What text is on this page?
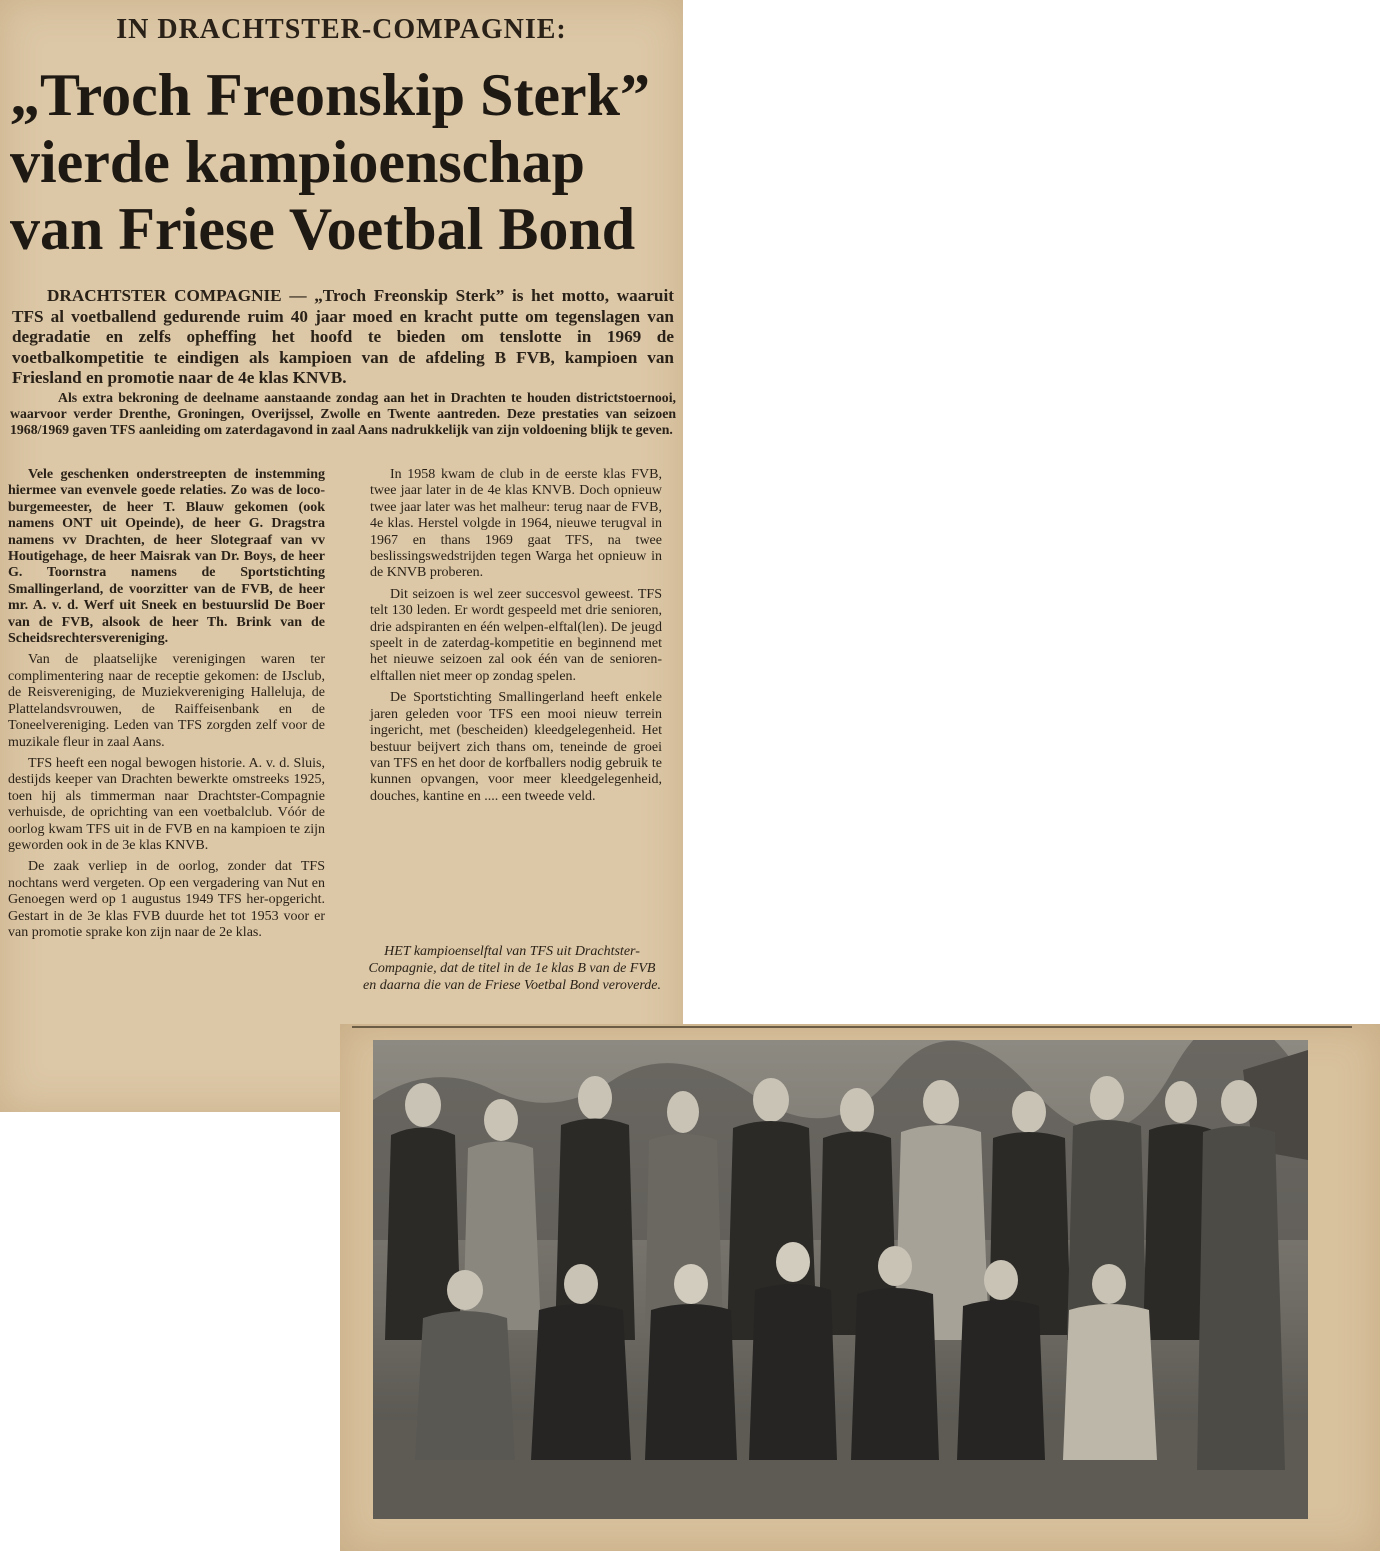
IN DRACHTSTER-COMPAGNIE:
„Troch Freonskip Sterk”
vierde kampioenschap
van Friese Voetbal Bond

DRACHTSTER COMPAGNIE — „Troch Freonskip Sterk” is het motto, waaruit TFS al voetballend gedurende ruim 40 jaar moed en kracht putte om tegenslagen van degradatie en zelfs opheffing het hoofd te bieden om tenslotte in 1969 de voetbalkompetitie te eindigen als kampioen van de afdeling B FVB, kampioen van Friesland en promotie naar de 4e klas KNVB.

Als extra bekroning de deelname aanstaande zondag aan het in Drachten te houden districtstoernooi, waarvoor verder Drenthe, Groningen, Overijssel, Zwolle en Twente aantreden. Deze prestaties van seizoen 1968/1969 gaven TFS aanleiding om zaterdagavond in zaal Aans nadrukkelijk van zijn voldoening blijk te geven.

Vele geschenken onderstreepten de instemming hiermee van evenvele goede relaties. Zo was de loco-burgemeester, de heer T. Blauw gekomen (ook namens ONT uit Opeinde), de heer G. Dragstra namens vv Drachten, de heer Slotegraaf van vv Houtigehage, de heer Maisrak van Dr. Boys, de heer G. Toornstra namens de Sportstichting Smallingerland, de voorzitter van de FVB, de heer mr. A. v. d. Werf uit Sneek en bestuurslid De Boer van de FVB, alsook de heer Th. Brink van de Scheidsrechtersvereniging.

Van de plaatselijke verenigingen waren ter complimentering naar de receptie gekomen: de IJsclub, de Reisvereniging, de Muziekvereniging Halleluja, de Plattelandsvrouwen, de Raiffeisenbank en de Toneelvereniging. Leden van TFS zorgden zelf voor de muzikale fleur in zaal Aans.

TFS heeft een nogal bewogen historie. A. v. d. Sluis, destijds keeper van Drachten bewerkte omstreeks 1925, toen hij als timmerman naar Drachtster-Compagnie verhuisde, de oprichting van een voetbalclub. Vóór de oorlog kwam TFS uit in de FVB en na kampioen te zijn geworden ook in de 3e klas KNVB.

De zaak verliep in de oorlog, zonder dat TFS nochtans werd vergeten. Op een vergadering van Nut en Genoegen werd op 1 augustus 1949 TFS her-opgericht. Gestart in de 3e klas FVB duurde het tot 1953 voor er van promotie sprake kon zijn naar de 2e klas.

In 1958 kwam de club in de eerste klas FVB, twee jaar later in de 4e klas KNVB. Doch opnieuw twee jaar later was het malheur: terug naar de FVB, 4e klas. Herstel volgde in 1964, nieuwe terugval in 1967 en thans 1969 gaat TFS, na twee beslissingswedstrijden tegen Warga het opnieuw in de KNVB proberen.

Dit seizoen is wel zeer succesvol geweest. TFS telt 130 leden. Er wordt gespeeld met drie senioren, drie adspiranten en één welpen-elftal(len). De jeugd speelt in de zaterdag-kompetitie en beginnend met het nieuwe seizoen zal ook één van de senioren-elftallen niet meer op zondag spelen.

De Sportstichting Smallingerland heeft enkele jaren geleden voor TFS een mooi nieuw terrein ingericht, met (bescheiden) kleedgelegenheid. Het bestuur beijvert zich thans om, teneinde de groei van TFS en het door de korfballers nodig gebruik te kunnen opvangen, voor meer kleedgelegenheid, douches, kantine en .... een tweede veld.

HET kampioenselftal van TFS uit Drachtster-Compagnie, dat de titel in de 1e klas B van de FVB en daarna die van de Friese Voetbal Bond veroverde.
